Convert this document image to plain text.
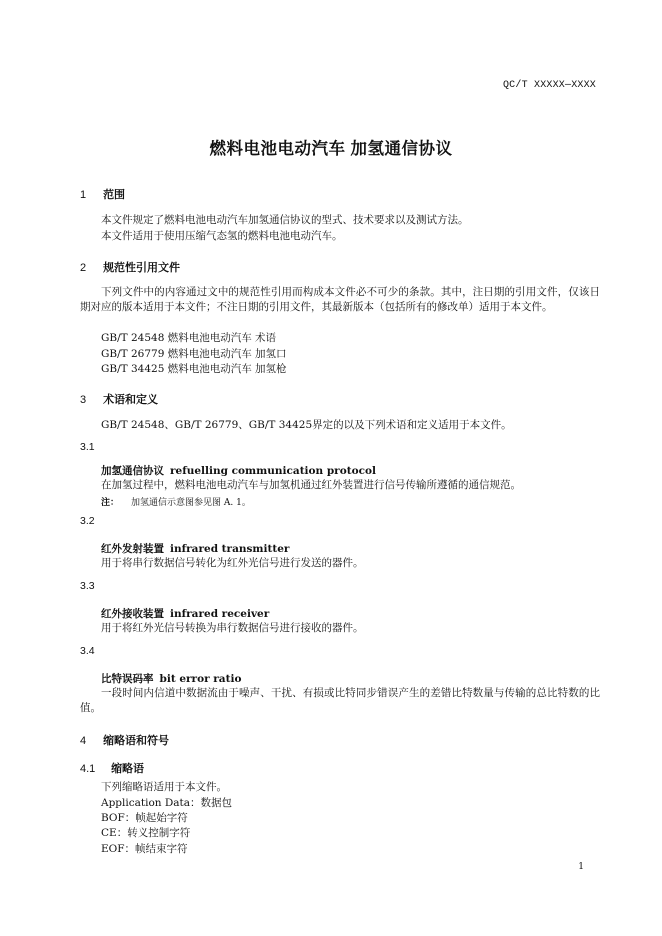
QC/T XXXXX—XXXX
燃料电池电动汽车 加氢通信协议
1 范围
本文件规定了燃料电池电动汽车加氢通信协议的型式、技术要求以及测试方法。
本文件适用于使用压缩气态氢的燃料电池电动汽车。
2 规范性引用文件

下列文件中的内容通过文中的规范性引用而构成本文件必不可少的条款。其中，注日期的引用文件，仅该日期对应的版本适用于本文件；不注日期的引用文件，其最新版本（包括所有的修改单）适用于本文件。

GB/T 24548 燃料电池电动汽车 术语
GB/T 26779 燃料电池电动汽车 加氢口
GB/T 34425 燃料电池电动汽车 加氢枪
3 术语和定义
GB/T 24548、GB/T 26779、GB/T 34425界定的以及下列术语和定义适用于本文件。
3.1
加氢通信协议 refuelling communication protocol
在加氢过程中，燃料电池电动汽车与加氢机通过红外装置进行信号传输所遵循的通信规范。
注： 加氢通信示意图参见图 A. 1。
3.2
红外发射装置 infrared transmitter
用于将串行数据信号转化为红外光信号进行发送的器件。
3.3
红外接收装置 infrared receiver
用于将红外光信号转换为串行数据信号进行接收的器件。
3.4
比特误码率 bit error ratio

一段时间内信道中数据流由于噪声、干扰、有损或比特同步错误产生的差错比特数量与传输的总比特数的比值。

4 缩略语和符号
4.1 缩略语
下列缩略语适用于本文件。
Application Data：数据包
BOF：帧起始字符
CE：转义控制字符
EOF：帧结束字符
1
